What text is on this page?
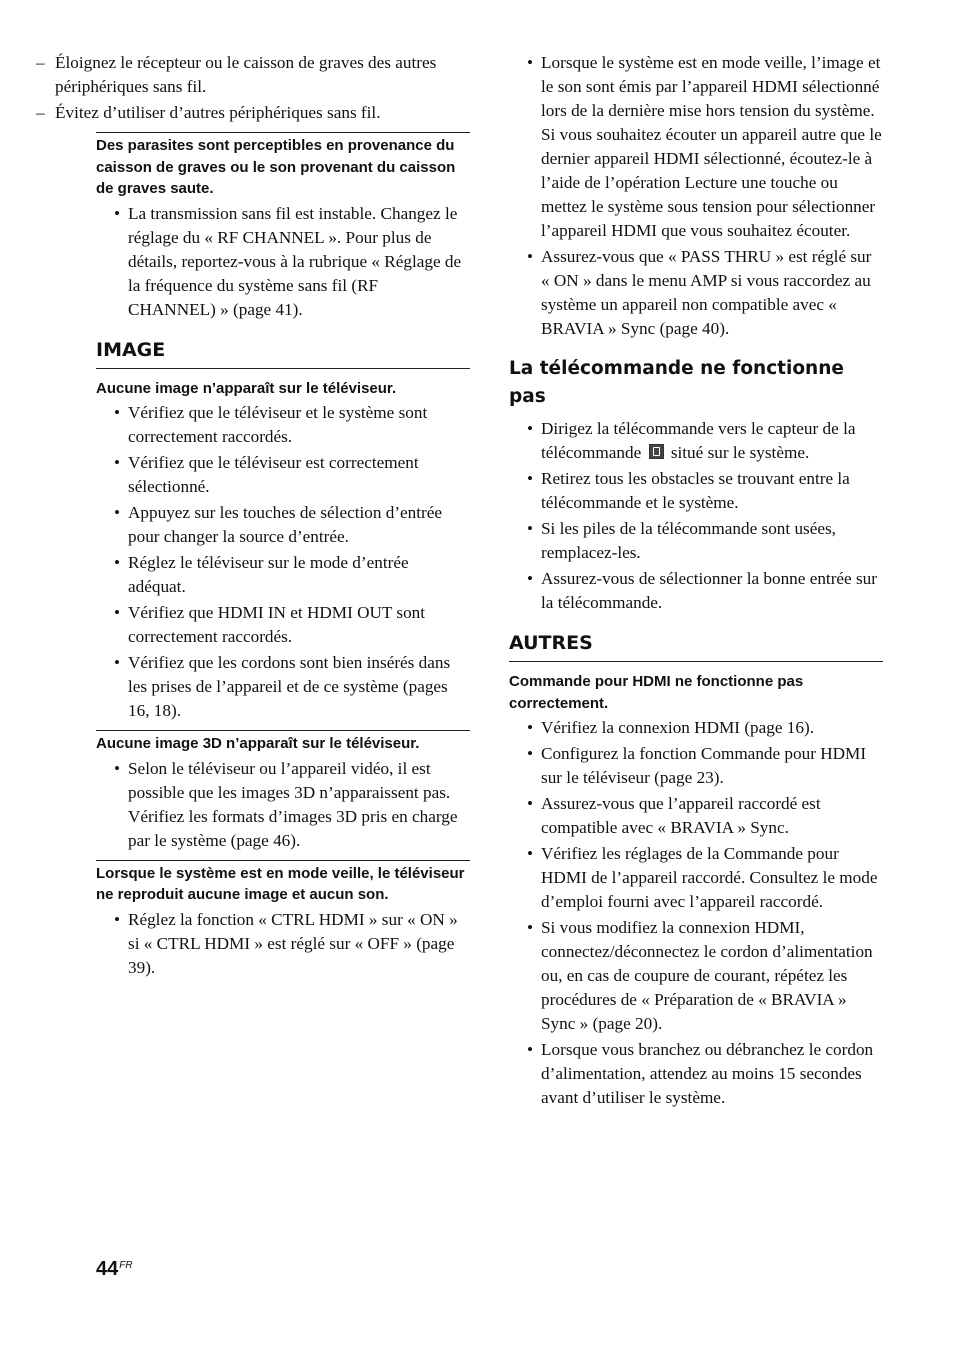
– Éloignez le récepteur ou le caisson de graves des autres périphériques sans fil.
– Évitez d’utiliser d’autres périphériques sans fil.
Des parasites sont perceptibles en provenance du caisson de graves ou le son provenant du caisson de graves saute.
• La transmission sans fil est instable. Changez le réglage du « RF CHANNEL ». Pour plus de détails, reportez-vous à la rubrique « Réglage de la fréquence du système sans fil (RF CHANNEL) » (page 41).
IMAGE
Aucune image n’apparaît sur le téléviseur.
• Vérifiez que le téléviseur et le système sont correctement raccordés.
• Vérifiez que le téléviseur est correctement sélectionné.
• Appuyez sur les touches de sélection d’entrée pour changer la source d’entrée.
• Réglez le téléviseur sur le mode d’entrée adéquat.
• Vérifiez que HDMI IN et HDMI OUT sont correctement raccordés.
• Vérifiez que les cordons sont bien insérés dans les prises de l’appareil et de ce système (pages 16, 18).
Aucune image 3D n’apparaît sur le téléviseur.
• Selon le téléviseur ou l’appareil vidéo, il est possible que les images 3D n’apparaissent pas. Vérifiez les formats d’images 3D pris en charge par le système (page 46).
Lorsque le système est en mode veille, le téléviseur ne reproduit aucune image et aucun son.
• Réglez la fonction « CTRL HDMI » sur « ON » si « CTRL HDMI » est réglé sur « OFF » (page 39).
• Lorsque le système est en mode veille, l’image et le son sont émis par l’appareil HDMI sélectionné lors de la dernière mise hors tension du système. Si vous souhaitez écouter un appareil autre que le dernier appareil HDMI sélectionné, écoutez-le à l’aide de l’opération Lecture une touche ou mettez le système sous tension pour sélectionner l’appareil HDMI que vous souhaitez écouter.
• Assurez-vous que « PASS THRU » est réglé sur « ON » dans le menu AMP si vous raccordez au système un appareil non compatible avec « BRAVIA » Sync (page 40).
La télécommande ne fonctionne pas
• Dirigez la télécommande vers le capteur de la télécommande situé sur le système.
• Retirez tous les obstacles se trouvant entre la télécommande et le système.
• Si les piles de la télécommande sont usées, remplacez-les.
• Assurez-vous de sélectionner la bonne entrée sur la télécommande.
AUTRES
Commande pour HDMI ne fonctionne pas correctement.
• Vérifiez la connexion HDMI (page 16).
• Configurez la fonction Commande pour HDMI sur le téléviseur (page 23).
• Assurez-vous que l’appareil raccordé est compatible avec « BRAVIA » Sync.
• Vérifiez les réglages de la Commande pour HDMI de l’appareil raccordé. Consultez le mode d’emploi fourni avec l’appareil raccordé.
• Si vous modifiez la connexion HDMI, connectez/déconnectez le cordon d’alimentation ou, en cas de coupure de courant, répétez les procédures de « Préparation de « BRAVIA » Sync » (page 20).
• Lorsque vous branchez ou débranchez le cordon d’alimentation, attendez au moins 15 secondes avant d’utiliser le système.
$44^{FR}$
